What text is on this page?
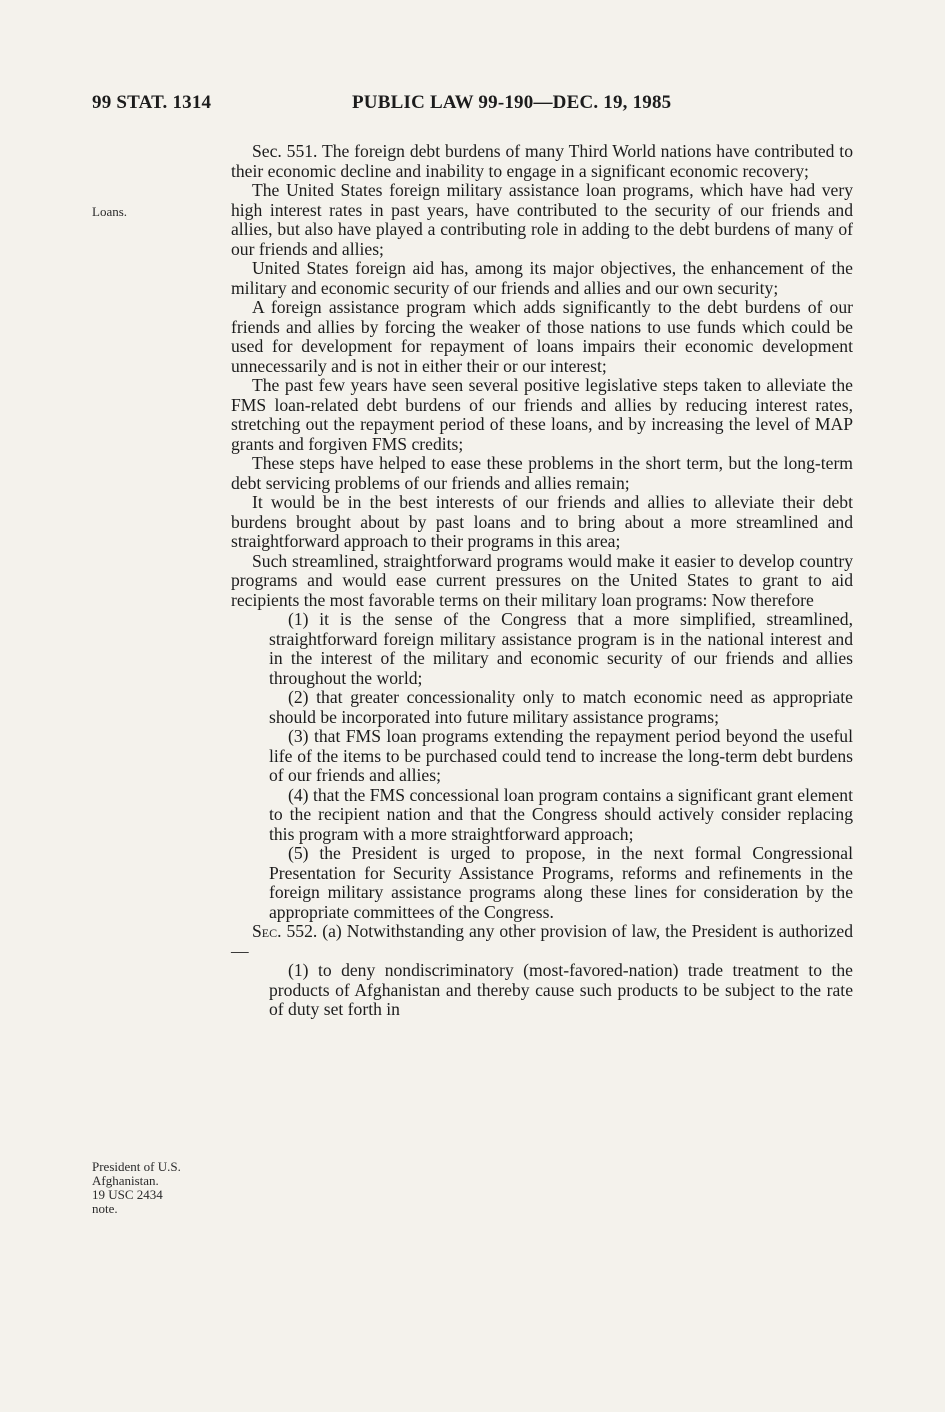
99 STAT. 1314	PUBLIC LAW 99-190—DEC. 19, 1985
Loans.
President of U.S.
Afghanistan.
19 USC 2434
note.

Sec. 551. The foreign debt burdens of many Third World nations have contributed to their economic decline and inability to engage in a significant economic recovery;

The United States foreign military assistance loan programs, which have had very high interest rates in past years, have contributed to the security of our friends and allies, but also have played a contributing role in adding to the debt burdens of many of our friends and allies;

United States foreign aid has, among its major objectives, the enhancement of the military and economic security of our friends and allies and our own security;

A foreign assistance program which adds significantly to the debt burdens of our friends and allies by forcing the weaker of those nations to use funds which could be used for development for repayment of loans impairs their economic development unnecessarily and is not in either their or our interest;

The past few years have seen several positive legislative steps taken to alleviate the FMS loan-related debt burdens of our friends and allies by reducing interest rates, stretching out the repayment period of these loans, and by increasing the level of MAP grants and forgiven FMS credits;

These steps have helped to ease these problems in the short term, but the long-term debt servicing problems of our friends and allies remain;

It would be in the best interests of our friends and allies to alleviate their debt burdens brought about by past loans and to bring about a more streamlined and straightforward approach to their programs in this area;

Such streamlined, straightforward programs would make it easier to develop country programs and would ease current pressures on the United States to grant to aid recipients the most favorable terms on their military loan programs: Now therefore

(1) it is the sense of the Congress that a more simplified, streamlined, straightforward foreign military assistance program is in the national interest and in the interest of the military and economic security of our friends and allies throughout the world;

(2) that greater concessionality only to match economic need as appropriate should be incorporated into future military assistance programs;

(3) that FMS loan programs extending the repayment period beyond the useful life of the items to be purchased could tend to increase the long-term debt burdens of our friends and allies;

(4) that the FMS concessional loan program contains a significant grant element to the recipient nation and that the Congress should actively consider replacing this program with a more straightforward approach;

(5) the President is urged to propose, in the next formal Congressional Presentation for Security Assistance Programs, reforms and refinements in the foreign military assistance programs along these lines for consideration by the appropriate committees of the Congress.

Sec. 552. (a) Notwithstanding any other provision of law, the President is authorized—

(1) to deny nondiscriminatory (most-favored-nation) trade treatment to the products of Afghanistan and thereby cause such products to be subject to the rate of duty set forth in
